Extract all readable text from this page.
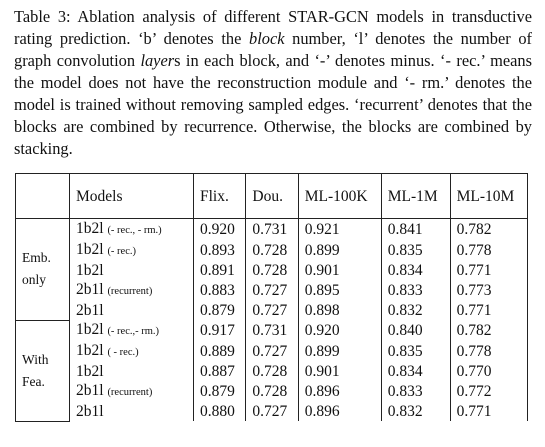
Table 3: Ablation analysis of different STAR-GCN models in transductive rating prediction. ‘b’ denotes the block number, ‘l’ denotes the number of graph convolution layers in each block, and ‘-’ denotes minus. ‘- rec.’ means the model does not have the reconstruction module and ‘- rm.’ denotes the model is trained without removing sampled edges. ‘recurrent’ denotes that the blocks are combined by recurrence. Otherwise, the blocks are combined by stacking.
	Models	Flix.	Dou.	ML-100K	ML-1M	ML-10M
Emb. only	1b2l (- rec., - rm.)	0.920	0.731	0.921	0.841	0.782
	1b2l (- rec.)	0.893	0.728	0.899	0.835	0.778
	1b2l	0.891	0.728	0.901	0.834	0.771
	2b1l (recurrent)	0.883	0.727	0.895	0.833	0.773
	2b1l	0.879	0.727	0.898	0.832	0.771
With Fea.	1b2l (- rec.,- rm.)	0.917	0.731	0.920	0.840	0.782
	1b2l ( - rec.)	0.889	0.727	0.899	0.835	0.778
	1b2l	0.887	0.728	0.901	0.834	0.770
	2b1l (recurrent)	0.879	0.728	0.896	0.833	0.772
	2b1l	0.880	0.727	0.896	0.832	0.771
